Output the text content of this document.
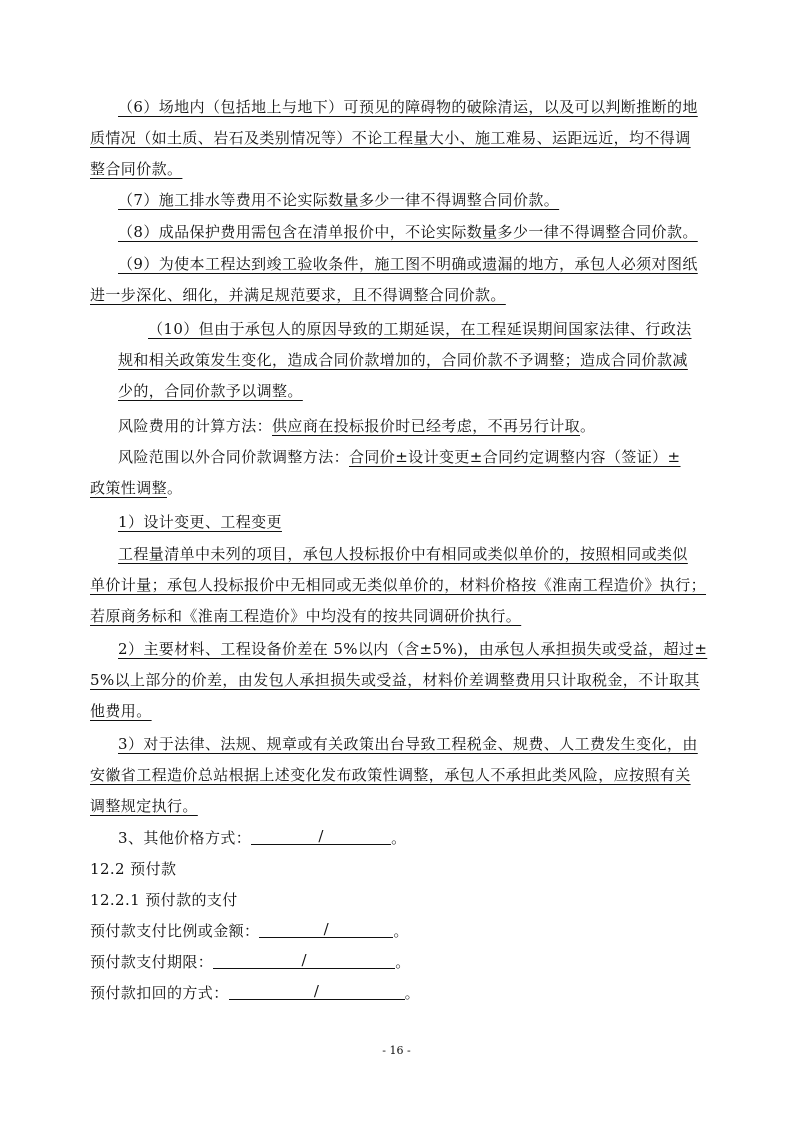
（6）场地内（包括地上与地下）可预见的障碍物的破除清运，以及可以判断推断的地
质情况（如土质、岩石及类别情况等）不论工程量大小、施工难易、运距远近，均不得调
整合同价款。
（7）施工排水等费用不论实际数量多少一律不得调整合同价款。
（8）成品保护费用需包含在清单报价中，不论实际数量多少一律不得调整合同价款。
（9）为使本工程达到竣工验收条件，施工图不明确或遗漏的地方，承包人必须对图纸
进一步深化、细化，并满足规范要求，且不得调整合同价款。
（10）但由于承包人的原因导致的工期延误，在工程延误期间国家法律、行政法
规和相关政策发生变化，造成合同价款增加的，合同价款不予调整；造成合同价款减
少的，合同价款予以调整。
风险费用的计算方法：供应商在投标报价时已经考虑，不再另行计取。
风险范围以外合同价款调整方法：合同价±设计变更±合同约定调整内容（签证）±
政策性调整。
1）设计变更、工程变更
工程量清单中未列的项目，承包人投标报价中有相同或类似单价的，按照相同或类似
单价计量；承包人投标报价中无相同或无类似单价的，材料价格按《淮南工程造价》执行；
若原商务标和《淮南工程造价》中均没有的按共同调研价执行。
2）主要材料、工程设备价差在 5%以内（含±5%)，由承包人承担损失或受益，超过±
5%以上部分的价差，由发包人承担损失或受益，材料价差调整费用只计取税金，不计取其
他费用。
3）对于法律、法规、规章或有关政策出台导致工程税金、规费、人工费发生变化，由
安徽省工程造价总站根据上述变化发布政策性调整，承包人不承担此类风险，应按照有关
调整规定执行。
3、其他价格方式：	/	。
12.2 预付款
12.2.1 预付款的支付
预付款支付比例或金额：	/	。
预付款支付期限：	/	。
预付款扣回的方式：	/	。
- 16 -
